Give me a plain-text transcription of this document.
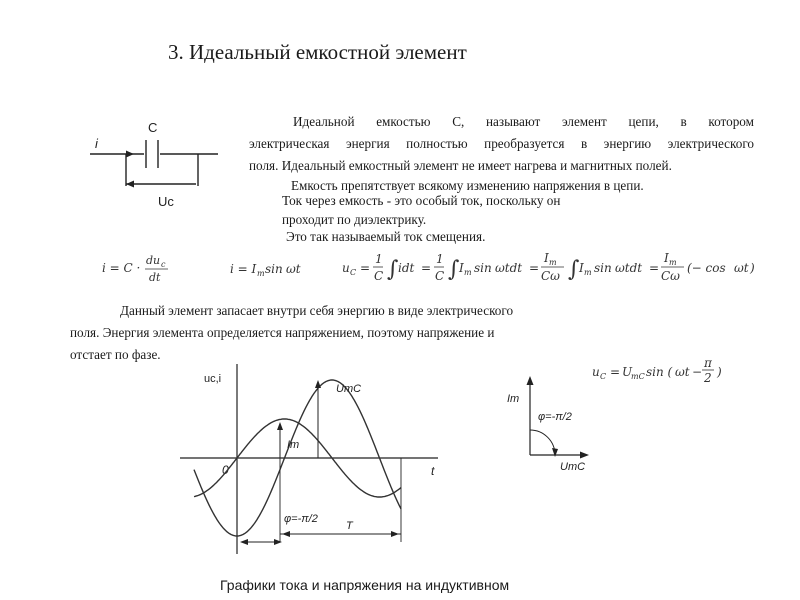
3. Идеальный емкостной элемент
i
C
Uc
Идеальной емкостью С, называют элемент цепи, в котором
электрическая энергия полностью преобразуется в энергию электрического
поля. Идеальный емкостный элемент не имеет нагрева и магнитных полей.
Емкость препятствует всякому изменению напряжения в цепи.
Ток через емкость - это особый ток, поскольку он
проходит по диэлектрику.
Это так называемый ток смещения.
i = C ·
du c
dt
i = I m sin ωt	u C =
1
C ∫ idt =
1
C ∫ I m sin ωtdt =
I m
Cω ∫ I m sin ωtdt =
I m
Cω
(− cos ωt )
Данный элемент запасает внутри себя энергию в виде электрического
поля. Энергия элемента определяется напряжением, поэтому напряжение и
отстает по фазе.
u C = U
mC sin ( ωt −
π
2 )
uc,i
t
0
UmC
Im
φ=-π/2
T
Im
φ=-π/2
UmC
Графики тока и напряжения на индуктивном
